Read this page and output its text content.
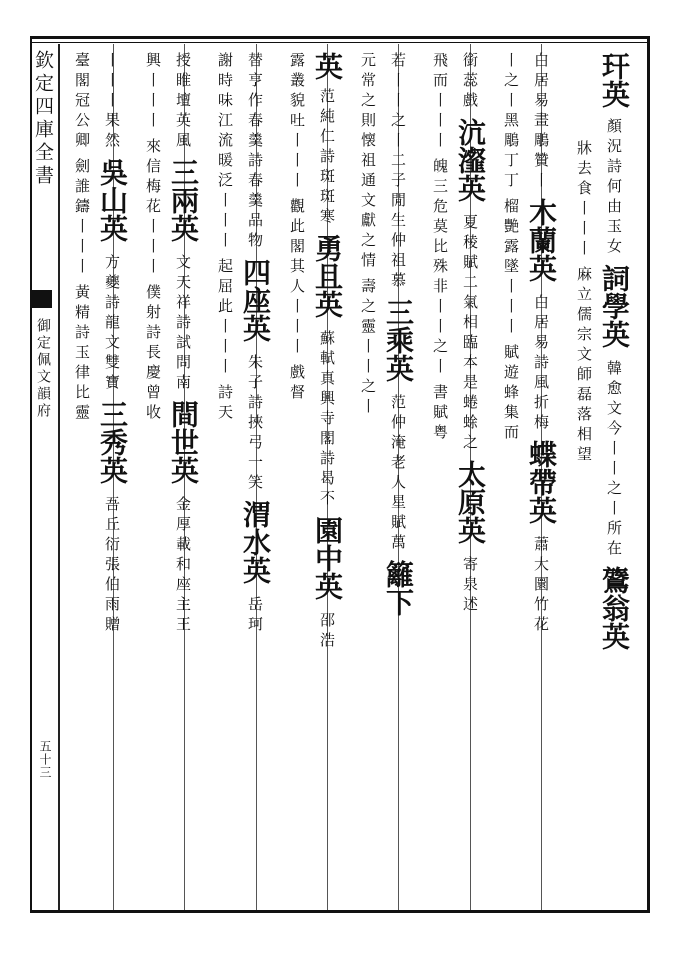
欽定四庫全書
御定佩文韻府
五十三
玕英
顏況詩何由玉女
詞學英
韓愈文今丨丨之丨所在
鷟翁英
牀去食丨丨丨
麻立儒宗文師磊落相望
白居易畫鵰贊丨
木蘭英
白居易詩風折梅
蝶帶英
蕭大圜竹花
丨之丨黑鵰丁丁
榴艷露墜丨丨丨
賦遊蜂集而
銜蕊戲
沆瀣英
夏稜賦二氣相臨本是蜷蜍之
太原英
寄泉述
飛而丨丨丨
魄三危莫比殊非丨丨之丨
書賦粤
若丨丨之丨二子閒生仲祖慕
三乘英
范仲淹老人星賦萬
籬下
元常之則懐祖通文獻之情
壽之靈丨丨之丨
英
范純仁詩斑斑寒
勇且英
蘇軾真興寺閣詩曷不
園中英
邵浩
露叢貌吐丨丨丨
觀此閣其人丨丨丨
戲督
替亨作春羹詩春羹品物
四座英
朱子詩挾弓一笑
渭水英
岳珂
謝時味江流暖泛丨丨丨
起屈此丨丨丨
詩天
授睢壇英風
三兩英
文天祥詩試問南
間世英
金厚載和座主王
興丨丨丨
來信梅花丨丨丨
僕射詩長慶曾收
丨丨丨果然
吳山英
方夔詩龍文雙寶
三秀英
吾丘衍張伯雨贈
臺閣冠公卿
劍誰鑄丨丨丨
黃精詩玉律比靈
